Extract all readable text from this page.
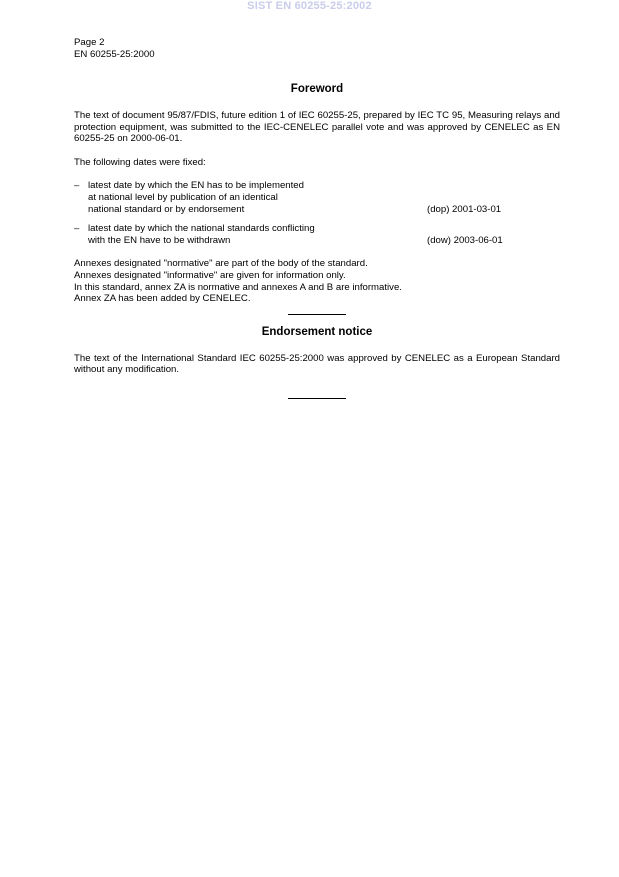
SIST EN 60255-25:2002
Page 2
EN 60255-25:2000
Foreword

The text of document 95/87/FDIS, future edition 1 of IEC 60255-25, prepared by IEC TC 95, Measuring relays and protection equipment, was submitted to the IEC-CENELEC parallel vote and was approved by CENELEC as EN 60255-25 on 2000-06-01.

The following dates were fixed:

– latest date by which the EN has to be implemented
at national level by publication of an identical
national standard or by endorsement	(dop) 2001-03-01
– latest date by which the national standards conflicting
with the EN have to be withdrawn	(dow) 2003-06-01
Annexes designated "normative" are part of the body of the standard.
Annexes designated "informative" are given for information only.
In this standard, annex ZA is normative and annexes A and B are informative.
Annex ZA has been added by CENELEC.
Endorsement notice

The text of the International Standard IEC 60255-25:2000 was approved by CENELEC as a European Standard without any modification.
